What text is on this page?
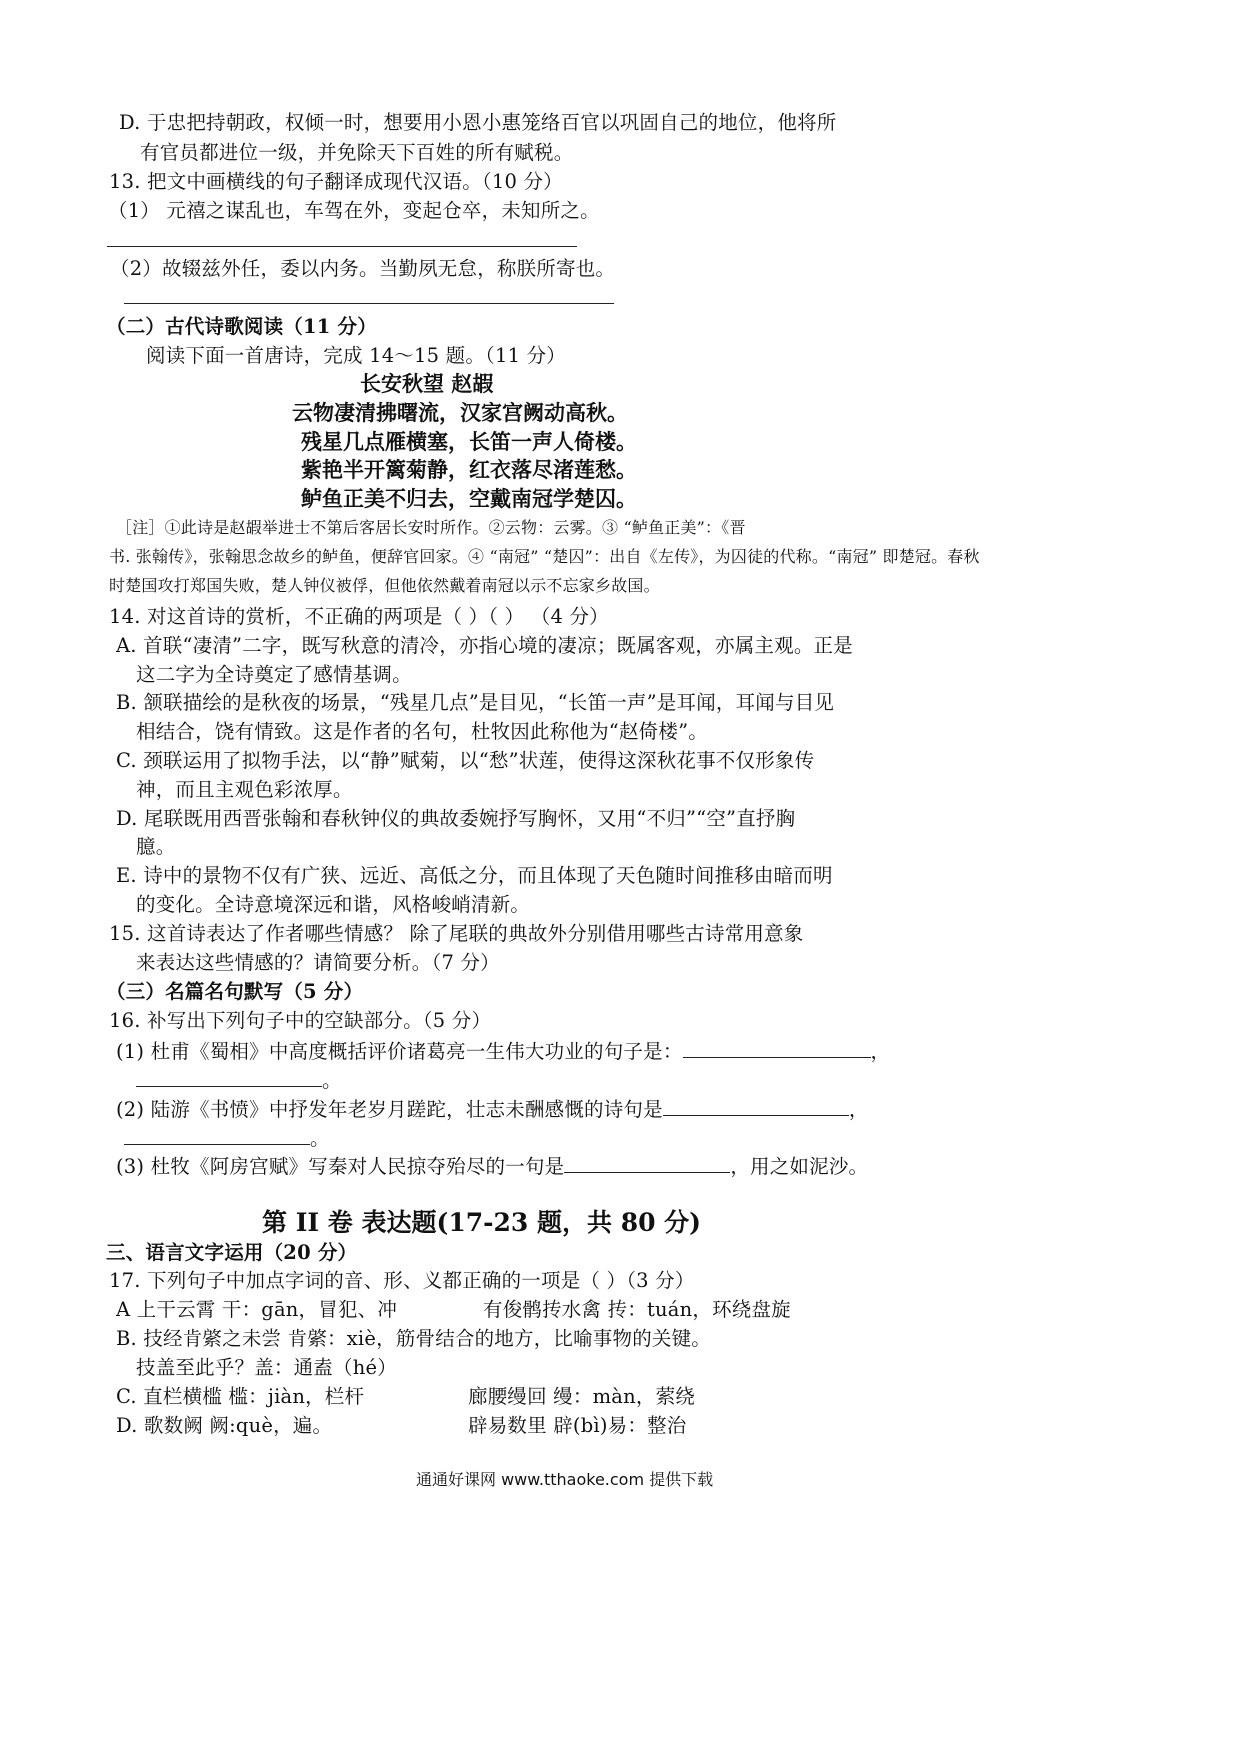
D. 于忠把持朝政，权倾一时，想要用小恩小惠笼络百官以巩固自己的地位，他将所
有官员都进位一级，并免除天下百姓的所有赋税。
13. 把文中画横线的句子翻译成现代汉语。（10 分）
（1） 元禧之谋乱也，车驾在外，变起仓卒，未知所之。
（2）故辍兹外任，委以内务。当勤夙无怠，称朕所寄也。
（二）古代诗歌阅读（11 分）
阅读下面一首唐诗，完成 14～15 题。（11 分）
长安秋望 赵嘏
云物凄清拂曙流，汉家宫阙动高秋。
残星几点雁横塞，长笛一声人倚楼。
紫艳半开篱菊静，红衣落尽渚莲愁。
鲈鱼正美不归去，空戴南冠学楚囚。
［注］①此诗是赵嘏举进士不第后客居长安时所作。②云物：云雾。③ “鲈鱼正美”：《晋
书. 张翰传》，张翰思念故乡的鲈鱼，便辞官回家。④ “南冠” “楚囚”：出自《左传》，为囚徒的代称。“南冠” 即楚冠。春秋
时楚国攻打郑国失败，楚人钟仪被俘，但他依然戴着南冠以示不忘家乡故国。
14. 对这首诗的赏析，不正确的两项是（ ）（ ） （4 分）
A. 首联“凄清”二字，既写秋意的清冷，亦指心境的凄凉；既属客观，亦属主观。正是
这二字为全诗奠定了感情基调。
B. 颔联描绘的是秋夜的场景，“残星几点”是目见，“长笛一声”是耳闻，耳闻与目见
相结合，饶有情致。这是作者的名句，杜牧因此称他为“赵倚楼”。
C. 颈联运用了拟物手法，以“静”赋菊，以“愁”状莲，使得这深秋花事不仅形象传
神，而且主观色彩浓厚。
D. 尾联既用西晋张翰和春秋钟仪的典故委婉抒写胸怀，又用“不归”“空”直抒胸
臆。
E. 诗中的景物不仅有广狭、远近、高低之分，而且体现了天色随时间推移由暗而明
的变化。全诗意境深远和谐，风格峻峭清新。
15. 这首诗表达了作者哪些情感？ 除了尾联的典故外分别借用哪些古诗常用意象
来表达这些情感的？请简要分析。（7 分）
（三）名篇名句默写（5 分）
16. 补写出下列句子中的空缺部分。（5 分）
(1) 杜甫《蜀相》中高度概括评价诸葛亮一生伟大功业的句子是：	，
。
(2) 陆游《书愤》中抒发年老岁月蹉跎，壮志未酬感慨的诗句是	，
。
(3) 杜牧《阿房宫赋》写秦对人民掠夺殆尽的一句是	，用之如泥沙。
第 II 卷 表达题(17-23 题，共 80 分)
三、语言文字运用（20 分）
17. 下列句子中加点字词的音、形、义都正确的一项是（ ）（3 分）
A 上干云霄 干：gān，冒犯、冲	有俊鹘抟水禽 抟：tuán，环绕盘旋
B. 技经肯綮之未尝 肯綮：xiè，筋骨结合的地方，比喻事物的关键。
技盖至此乎？盖：通盍（hé）
C. 直栏横槛 槛：jiàn，栏杆	廊腰缦回 缦：màn，萦绕
D. 歌数阙 阙:què，遍。	辟易数里 辟(bì)易：整治
通通好课网 www.tthaoke.com 提供下载
